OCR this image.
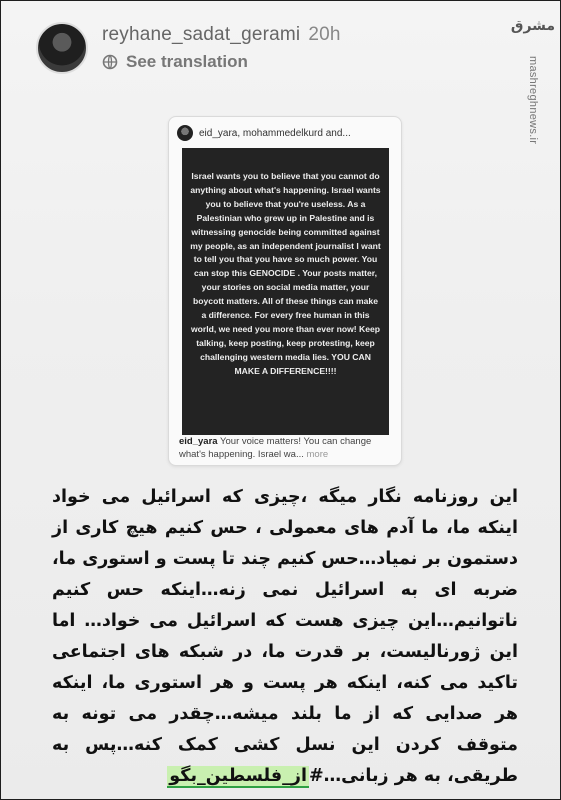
reyhane_sadat_gerami 20h
See translation
مشرق
mashreghnews.ir
eid_yara, mohammedelkurd and...
Israel wants you to believe that you cannot do anything about what's happening. Israel wants you to believe that you're useless. As a Palestinian who grew up in Palestine and is witnessing genocide being committed against my people, as an independent journalist I want to tell you that you have so much power. You can stop this GENOCIDE . Your posts matter, your stories on social media matter, your boycott matters. All of these things can make a difference. For every free human in this world, we need you more than ever now! Keep talking, keep posting, keep protesting, keep challenging western media lies. YOU CAN MAKE A DIFFERENCE!!!!
eid_yara Your voice matters! You can change what's happening. Israel wa... more
این روزنامه نگار میگه ،چیزی که اسرائیل می خواد اینکه ما، ما آدم های معمولی ، حس کنیم هیچ کاری از دستمون بر نمیاد…حس کنیم چند تا پست و استوری ما، ضربه ای به اسرائیل نمی زنه…اینکه حس کنیم ناتوانیم…این چیزی هست که اسرائیل می خواد… اما این ژورنالیست، بر قدرت ما، در شبکه های اجتماعی تاکید می کنه، اینکه هر پست و هر استوری ما، اینکه هر صدایی که از ما بلند میشه…چقدر می تونه به متوقف کردن این نسل کشی کمک کنه…پس به طریقی، به هر زبانی…#از_فلسطین_بگو
